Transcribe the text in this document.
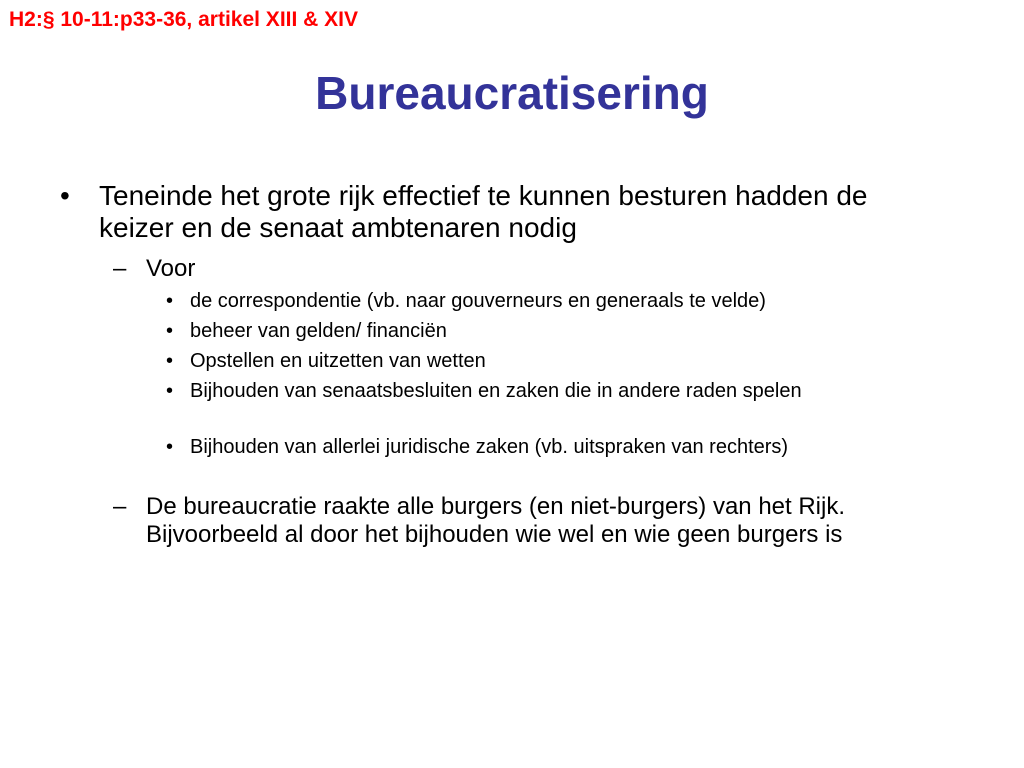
H2:§ 10-11:p33-36, artikel XIII & XIV
Bureaucratisering
• Teneinde het grote rijk effectief te kunnen besturen hadden de keizer en de senaat ambtenaren nodig
– Voor
• de correspondentie (vb. naar gouverneurs en generaals te velde)
• beheer van gelden/ financiën
• Opstellen en uitzetten van wetten
• Bijhouden van senaatsbesluiten en zaken die in andere raden spelen
• Bijhouden van allerlei juridische zaken (vb. uitspraken van rechters)
– De bureaucratie raakte alle burgers (en niet-burgers) van het Rijk. Bijvoorbeeld al door het bijhouden wie wel en wie geen burgers is
